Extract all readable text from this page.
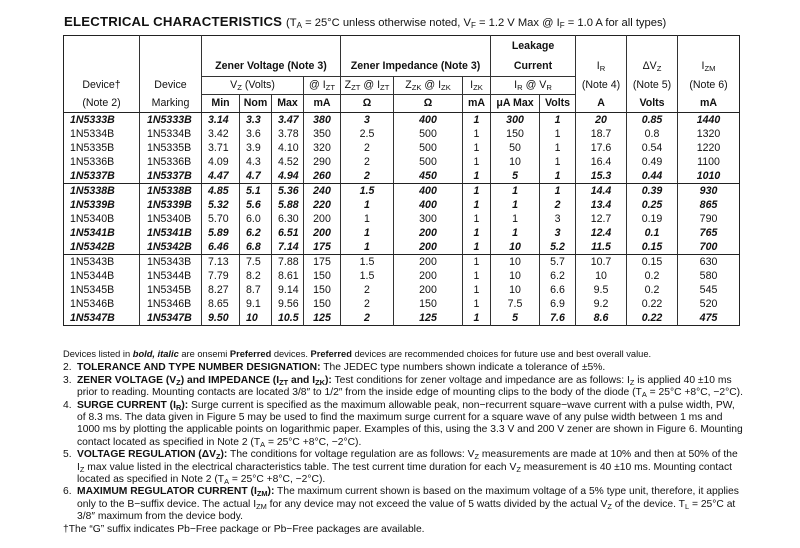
ELECTRICAL CHARACTERISTICS ($T_A = 25^\circ C$ unless otherwise noted, $V_F = 1.2$ V Max @ $I_F = 1.0$ A for all types)
									Leakage				
		Zener Voltage (Note 3)				Zener Impedance (Note 3)			Current		$I_R$	$\Delta V_Z$	$I_{ZM}$
Device†	Device	$V_Z$ (Volts)			@ $I_{ZT}$	$Z_{ZT}$ @ $I_{ZT}$	$Z_{ZK}$ @ $I_{ZK}$	$I_{ZK}$	$I_R$ @ $V_R$		(Note 4)	(Note 5)	(Note 6)
(Note 2)	Marking	Min	Nom	Max	mA	Ω	Ω	mA	μA Max	Volts	A	Volts	mA
1N5333B	1N5333B	3.14	3.3	3.47	380	3	400	1	300	1	20	0.85	1440
1N5334B	1N5334B	3.42	3.6	3.78	350	2.5	500	1	150	1	18.7	0.8	1320
1N5335B	1N5335B	3.71	3.9	4.10	320	2	500	1	50	1	17.6	0.54	1220
1N5336B	1N5336B	4.09	4.3	4.52	290	2	500	1	10	1	16.4	0.49	1100
1N5337B	1N5337B	4.47	4.7	4.94	260	2	450	1	5	1	15.3	0.44	1010
1N5338B	1N5338B	4.85	5.1	5.36	240	1.5	400	1	1	1	14.4	0.39	930
1N5339B	1N5339B	5.32	5.6	5.88	220	1	400	1	1	2	13.4	0.25	865
1N5340B	1N5340B	5.70	6.0	6.30	200	1	300	1	1	3	12.7	0.19	790
1N5341B	1N5341B	5.89	6.2	6.51	200	1	200	1	1	3	12.4	0.1	765
1N5342B	1N5342B	6.46	6.8	7.14	175	1	200	1	10	5.2	11.5	0.15	700
1N5343B	1N5343B	7.13	7.5	7.88	175	1.5	200	1	10	5.7	10.7	0.15	630
1N5344B	1N5344B	7.79	8.2	8.61	150	1.5	200	1	10	6.2	10	0.2	580
1N5345B	1N5345B	8.27	8.7	9.14	150	2	200	1	10	6.6	9.5	0.2	545
1N5346B	1N5346B	8.65	9.1	9.56	150	2	150	1	7.5	6.9	9.2	0.22	520
1N5347B	1N5347B	9.50	10	10.5	125	2	125	1	5	7.6	8.6	0.22	475
Devices listed in bold, italic are onsemi Preferred devices. Preferred devices are recommended choices for future use and best overall value.
2. TOLERANCE AND TYPE NUMBER DESIGNATION: The JEDEC type numbers shown indicate a tolerance of ±5%.
3. ZENER VOLTAGE $(V_Z)$ and IMPEDANCE ($I_{ZT}$ and $I_{ZK}$): Test conditions for zener voltage and impedance are as follows: $I_Z$ is applied 40 ±10 ms prior to reading. Mounting contacts are located 3/8″ to 1/2″ from the inside edge of mounting clips to the body of the diode ($T_A = 25^\circ C +8^\circ C$, −2°C).
4. SURGE CURRENT $(I_R)$: Surge current is specified as the maximum allowable peak, non−recurrent square−wave current with a pulse width, PW, of 8.3 ms. The data given in Figure 5 may be used to find the maximum surge current for a square wave of any pulse width between 1 ms and 1000 ms by plotting the applicable points on logarithmic paper. Examples of this, using the 3.3 V and 200 V zener are shown in Figure 6. Mounting contact located as specified in Note 2 ($T_A = 25^\circ C +8^\circ C$, −2°C).
5. VOLTAGE REGULATION $(\Delta V_Z)$: The conditions for voltage regulation are as follows: $V_Z$ measurements are made at 10% and then at 50% of the $I_Z$ max value listed in the electrical characteristics table. The test current time duration for each $V_Z$ measurement is 40 ±10 ms. Mounting contact located as specified in Note 2 ($T_A = 25^\circ C +8^\circ C$, −2°C).
6. MAXIMUM REGULATOR CURRENT $(I_{ZM})$: The maximum current shown is based on the maximum voltage of a 5% type unit, therefore, it applies only to the B−suffix device. The actual $I_{ZM}$ for any device may not exceed the value of 5 watts divided by the actual $V_Z$ of the device. $T_L = 25^\circ C$ at 3/8″ maximum from the device body.
†The “G” suffix indicates Pb−Free package or Pb−Free packages are available.
